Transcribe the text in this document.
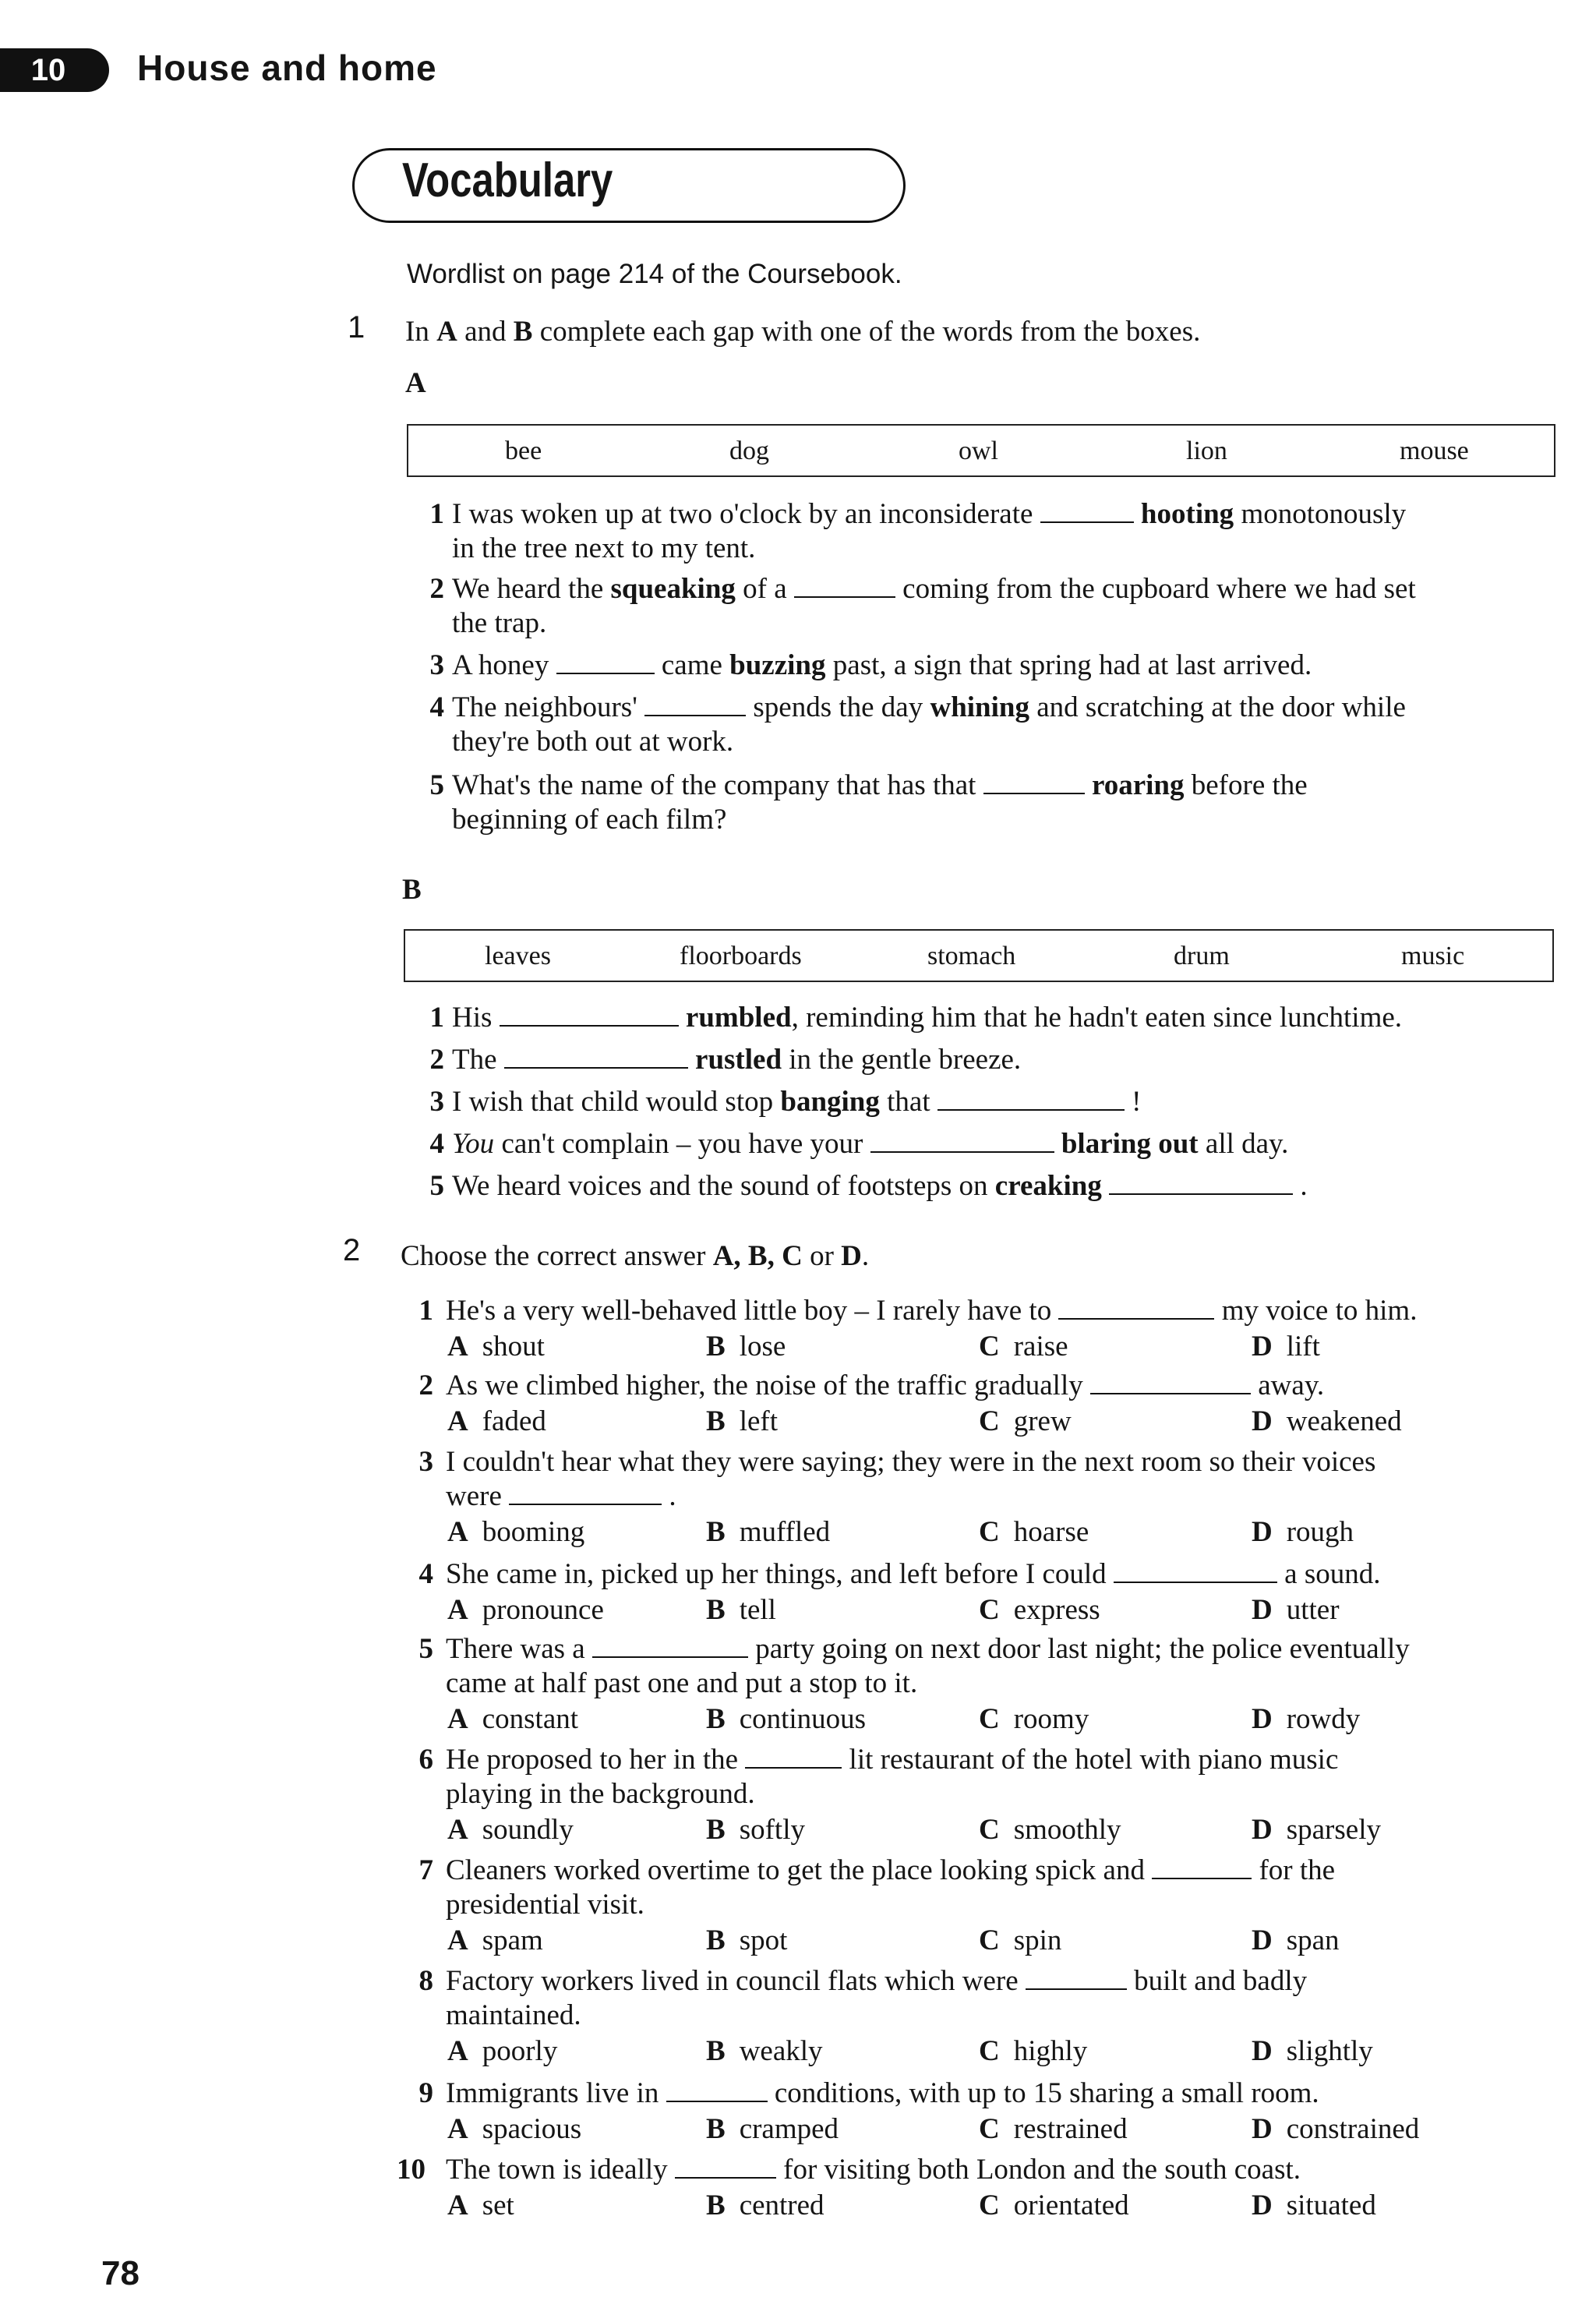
10	House and home
Vocabulary
Wordlist on page 214 of the Coursebook.
1 In A and B complete each gap with one of the words from the boxes.
A
bee	dog	owl	lion	mouse
1 I was woken up at two o'clock by an inconsiderate	hooting monotonously
in the tree next to my tent.
2 We heard the squeaking of a	coming from the cupboard where we had set
the trap.
3 A honey	came buzzing past, a sign that spring had at last arrived.
4 The neighbours'	spends the day whining and scratching at the door while
they're both out at work.
5 What's the name of the company that has that	roaring before the
beginning of each film?
B
leaves	floorboards	stomach	drum	music
1 His	rumbled, reminding him that he hadn't eaten since lunchtime.
2 The	rustled in the gentle breeze.
3 I wish that child would stop banging that	!
4 You can't complain – you have your	blaring out all day.
5 We heard voices and the sound of footsteps on creaking	.
2 Choose the correct answer A, B, C or D.
1 He's a very well-behaved little boy – I rarely have to	my voice to him.
A shout	B lose	C raise	D lift
2 As we climbed higher, the noise of the traffic gradually	away.
A faded	B left	C grew	D weakened
3 I couldn't hear what they were saying; they were in the next room so their voices
were	.
A booming	B muffled	C hoarse	D rough
4 She came in, picked up her things, and left before I could	a sound.
A pronounce	B tell	C express	D utter
5 There was a	party going on next door last night; the police eventually
came at half past one and put a stop to it.
A constant	B continuous	C roomy	D rowdy
6 He proposed to her in the	lit restaurant of the hotel with piano music
playing in the background.
A soundly	B softly	C smoothly	D sparsely
7 Cleaners worked overtime to get the place looking spick and	for the
presidential visit.
A spam	B spot	C spin	D span
8 Factory workers lived in council flats which were	built and badly
maintained.
A poorly	B weakly	C highly	D slightly
9 Immigrants live in	conditions, with up to 15 sharing a small room.
A spacious	B cramped	C restrained	D constrained
10 The town is ideally	for visiting both London and the south coast.
A set	B centred	C orientated	D situated
78
